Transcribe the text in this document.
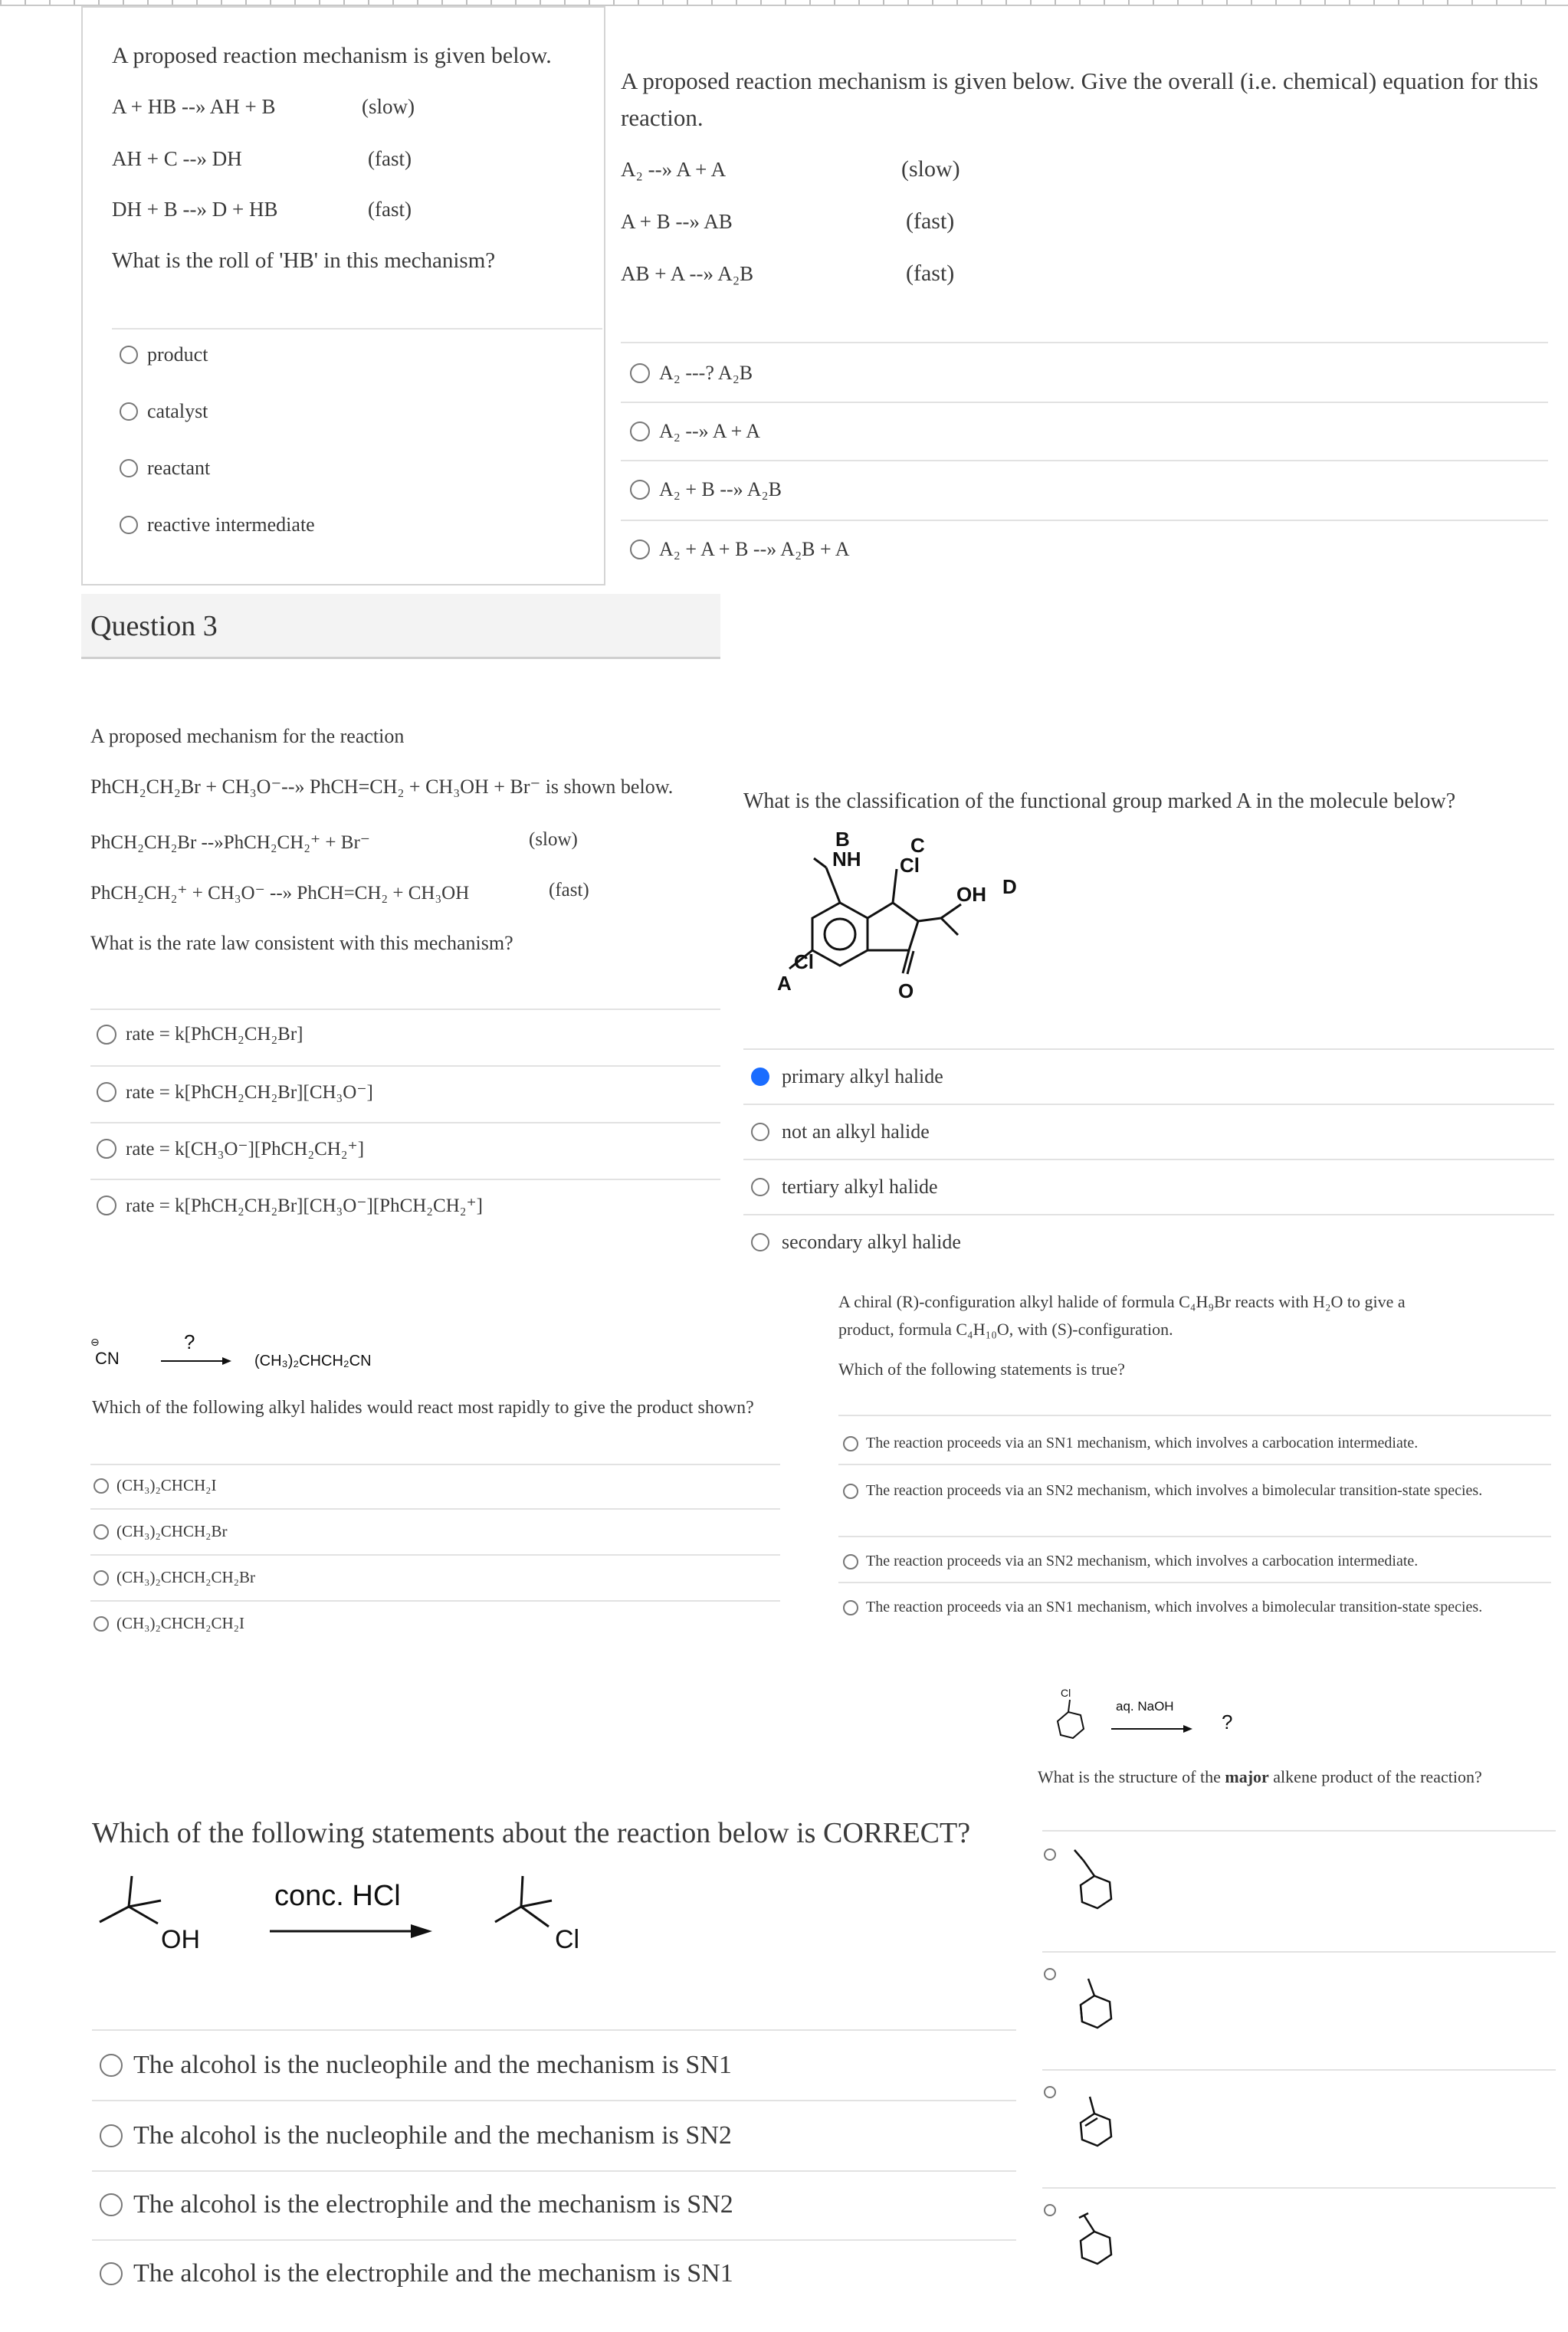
A proposed reaction mechanism is given below.
A + HB --» AH + B	(slow)
AH + C --» DH	(fast)
DH + B --» D + HB	(fast)
What is the roll of 'HB' in this mechanism?
product
catalyst
reactant
reactive intermediate
A proposed reaction mechanism is given below. Give the overall (i.e. chemical) equation for this reaction.
A₂ --» A + A	(slow)
A + B --» AB	(fast)
AB + A --» A₂B	(fast)
A₂ ---? A₂B
A₂ --» A + A
A₂ + B --» A₂B
A₂ + A + B --» A₂B + A
Question 3
A proposed mechanism for the reaction
PhCH₂CH₂Br + CH₃O⁻--» PhCH=CH₂ + CH₃OH + Br⁻ is shown below.
PhCH₂CH₂Br --»PhCH₂CH₂⁺ + Br⁻	(slow)
PhCH₂CH₂⁺ + CH₃O⁻ --» PhCH=CH₂ + CH₃OH	(fast)
What is the rate law consistent with this mechanism?
rate = k[PhCH₂CH₂Br]
rate = k[PhCH₂CH₂Br][CH₃O⁻]
rate = k[CH₃O⁻][PhCH₂CH₂⁺]
rate = k[PhCH₂CH₂Br][CH₃O⁻][PhCH₂CH₂⁺]
What is the classification of the functional group marked A in the molecule below?
B
NH
C
Cl
OH D
Cl
A	O
primary alkyl halide
not an alkyl halide
tertiary alkyl halide
secondary alkyl halide
⊖
CN
?
(CH₃)₂CHCH₂CN
Which of the following alkyl halides would react most rapidly to give the product shown?
(CH₃)₂CHCH₂I
(CH₃)₂CHCH₂Br
(CH₃)₂CHCH₂CH₂Br
(CH₃)₂CHCH₂CH₂I
A chiral (R)-configuration alkyl halide of formula C₄H₉Br reacts with H₂O to give a
product, formula C₄H₁₀O, with (S)-configuration.
Which of the following statements is true?
The reaction proceeds via an SN1 mechanism, which involves a carbocation intermediate.
The reaction proceeds via an SN2 mechanism, which involves a bimolecular transition-state species.
The reaction proceeds via an SN2 mechanism, which involves a carbocation intermediate.
The reaction proceeds via an SN1 mechanism, which involves a bimolecular transition-state species.
Cl
aq. NaOH
?
What is the structure of the major alkene product of the reaction?
Which of the following statements about the reaction below is CORRECT?
OH
conc. HCl
Cl
The alcohol is the nucleophile and the mechanism is SN1
The alcohol is the nucleophile and the mechanism is SN2
The alcohol is the electrophile and the mechanism is SN2
The alcohol is the electrophile and the mechanism is SN1
